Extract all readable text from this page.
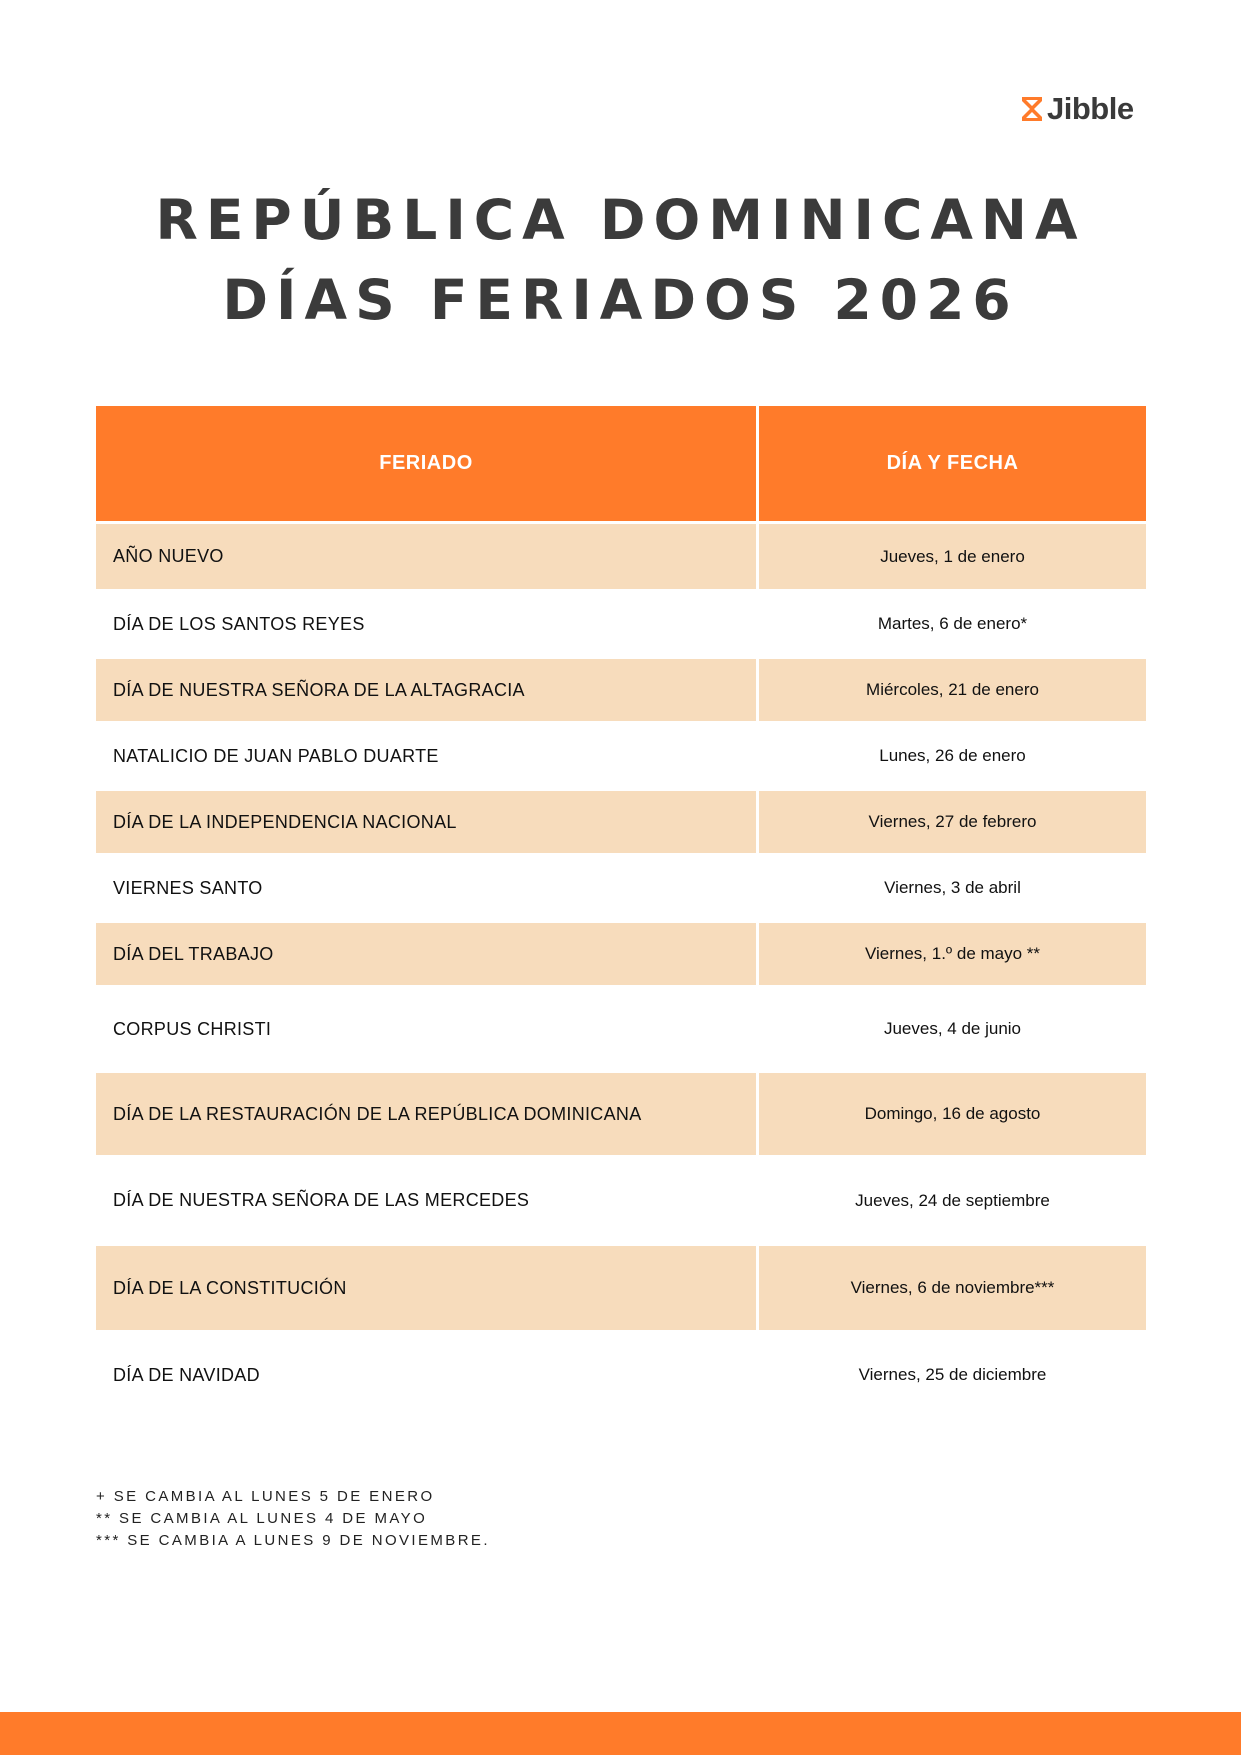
Jibble
REPÚBLICA DOMINICANA
DÍAS FERIADOS 2026
FERIADO	DÍA Y FECHA
AÑO NUEVO	Jueves, 1 de enero
DÍA DE LOS SANTOS REYES	Martes, 6 de enero*
DÍA DE NUESTRA SEÑORA DE LA ALTAGRACIA	Miércoles, 21 de enero
NATALICIO DE JUAN PABLO DUARTE	Lunes, 26 de enero
DÍA DE LA INDEPENDENCIA NACIONAL	Viernes, 27 de febrero
VIERNES SANTO	Viernes, 3 de abril
DÍA DEL TRABAJO	Viernes, 1.º de mayo **
CORPUS CHRISTI	Jueves, 4 de junio
DÍA DE LA RESTAURACIÓN DE LA REPÚBLICA DOMINICANA	Domingo, 16 de agosto
DÍA DE NUESTRA SEÑORA DE LAS MERCEDES	Jueves, 24 de septiembre
DÍA DE LA CONSTITUCIÓN	Viernes, 6 de noviembre***
DÍA DE NAVIDAD	Viernes, 25 de diciembre
+ SE CAMBIA AL LUNES 5 DE ENERO
** SE CAMBIA AL LUNES 4 DE MAYO
*** SE CAMBIA A LUNES 9 DE NOVIEMBRE.
